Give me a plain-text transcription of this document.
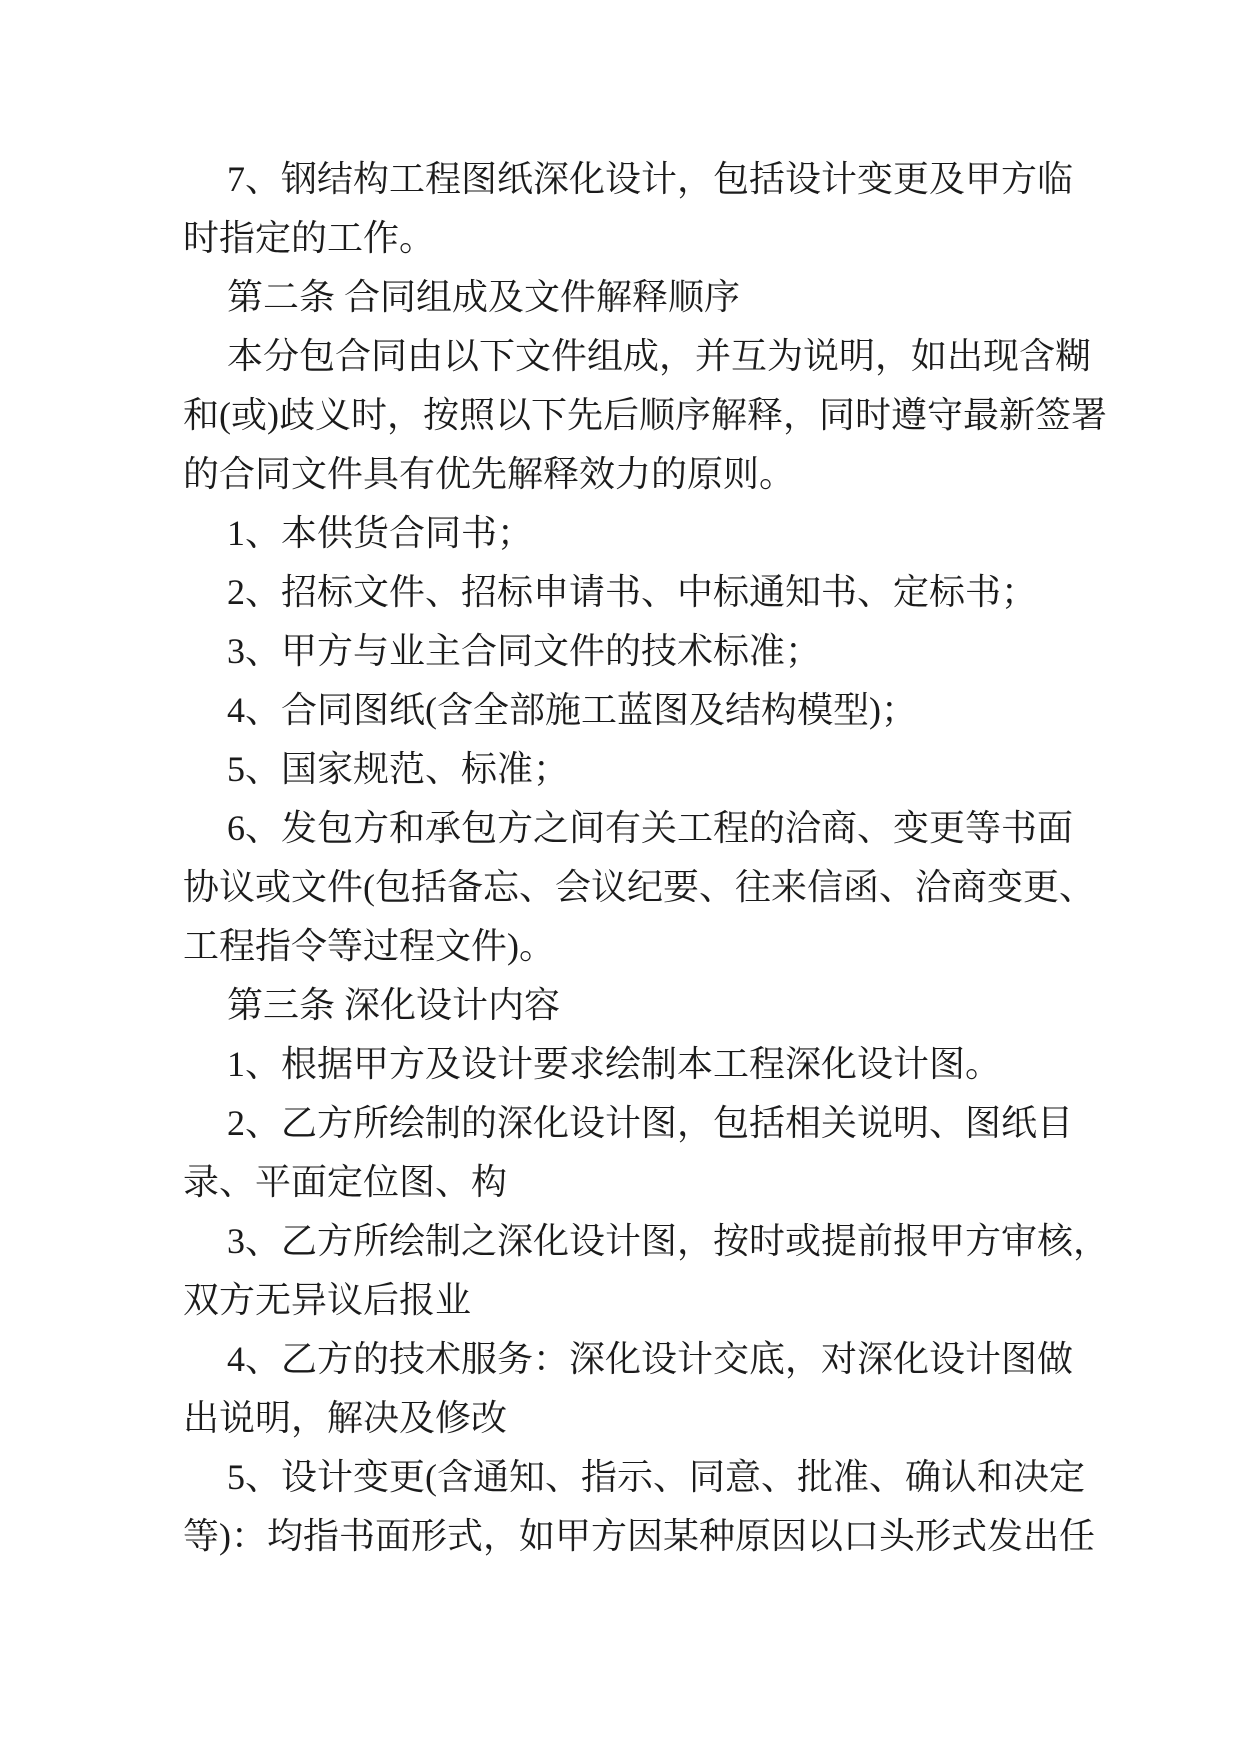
7、钢结构工程图纸深化设计，包括设计变更及甲方临
时指定的工作。
第二条 合同组成及文件解释顺序
本分包合同由以下文件组成，并互为说明，如出现含糊
和(或)歧义时，按照以下先后顺序解释，同时遵守最新签署
的合同文件具有优先解释效力的原则。
1、本供货合同书；
2、招标文件、招标申请书、中标通知书、定标书；
3、甲方与业主合同文件的技术标准；
4、合同图纸(含全部施工蓝图及结构模型)；
5、国家规范、标准；
6、发包方和承包方之间有关工程的洽商、变更等书面
协议或文件(包括备忘、会议纪要、往来信函、洽商变更、
工程指令等过程文件)。
第三条 深化设计内容
1、根据甲方及设计要求绘制本工程深化设计图。
2、乙方所绘制的深化设计图，包括相关说明、图纸目
录、平面定位图、构
3、乙方所绘制之深化设计图，按时或提前报甲方审核，
双方无异议后报业
4、乙方的技术服务：深化设计交底，对深化设计图做
出说明，解决及修改
5、设计变更(含通知、指示、同意、批准、确认和决定
等)：均指书面形式，如甲方因某种原因以口头形式发出任
